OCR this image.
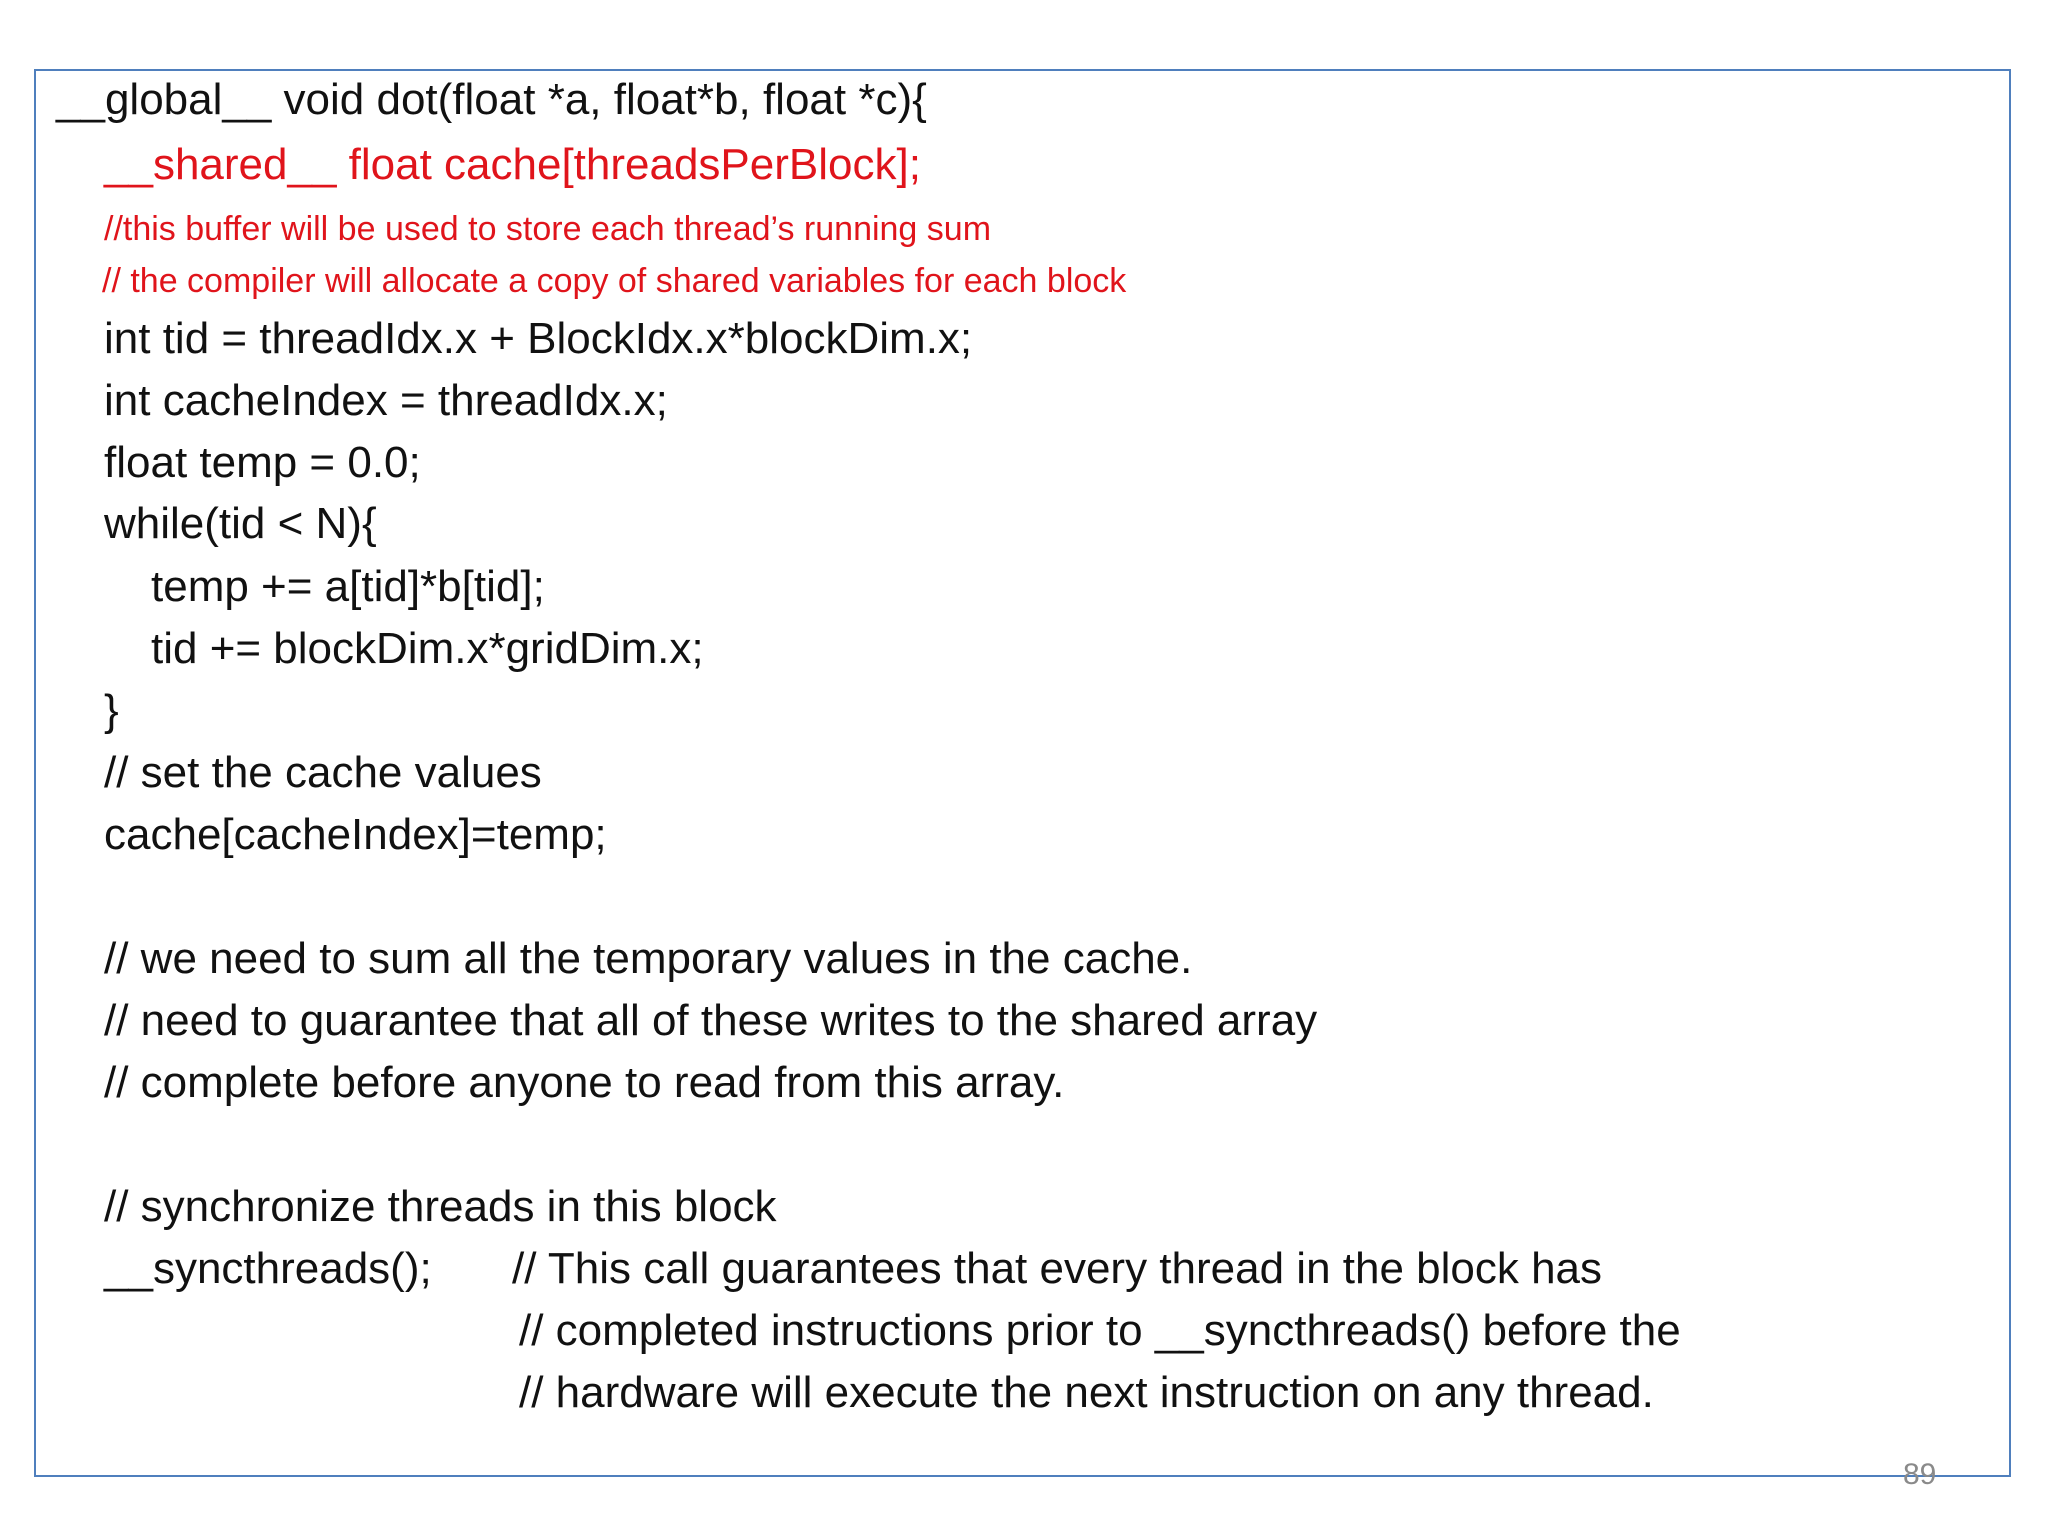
__global__ void dot(float *a, float*b, float *c){
__shared__ float cache[threadsPerBlock];
//this buffer will be used to store each thread’s running sum
// the compiler will allocate a copy of shared variables for each block
int tid = threadIdx.x + BlockIdx.x*blockDim.x;
int cacheIndex = threadIdx.x;
float temp = 0.0;
while(tid < N){
temp += a[tid]*b[tid];
tid += blockDim.x*gridDim.x;
}
// set the cache values
cache[cacheIndex]=temp;
// we need to sum all the temporary values in the cache.
// need to guarantee that all of these writes to the shared array
// complete before anyone to read from this array.
// synchronize threads in this block
__syncthreads(); // This call guarantees that every thread in the block has
// completed instructions prior to __syncthreads() before the
// hardware will execute the next instruction on any thread.
89
